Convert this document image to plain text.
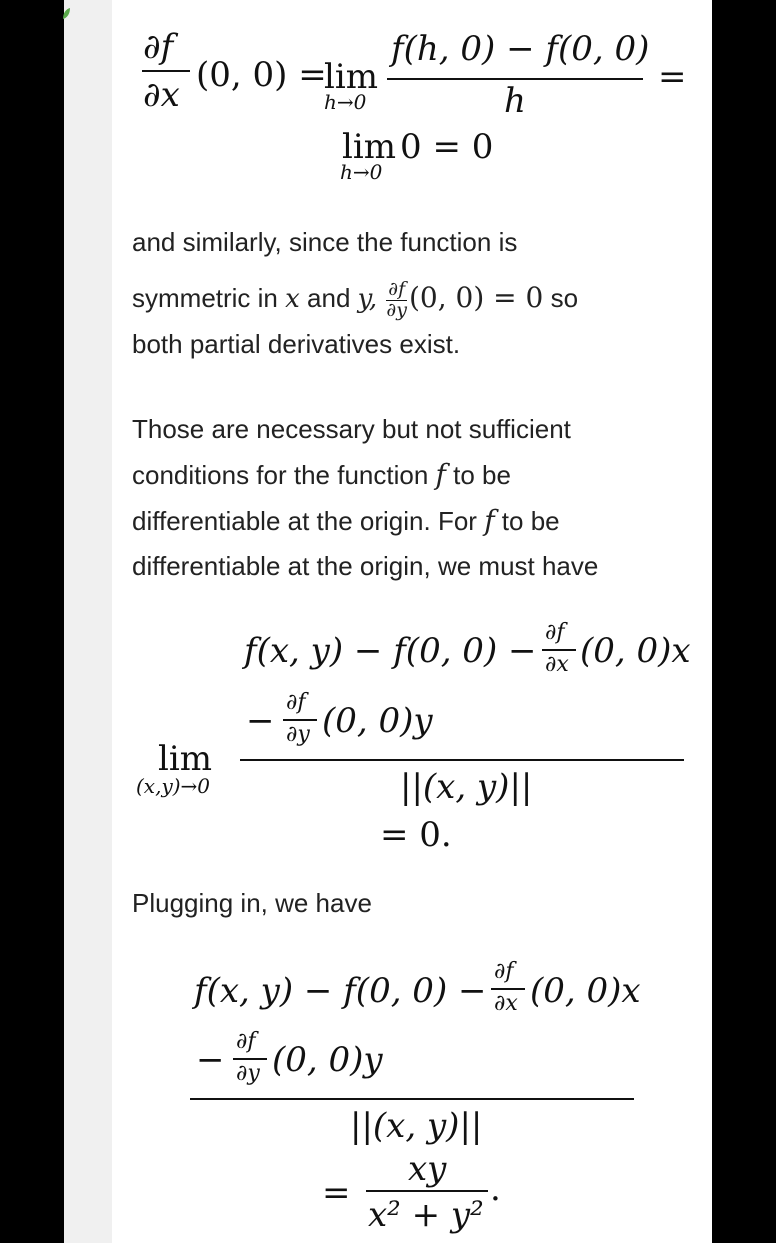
∂f
∂x (0, 0) =
lim
h→0
f(h, 0) − f(0, 0)
h
=
lim 0 = 0
h→0
and similarly, since the function is
symmetric in x and y, $\frac{\partial f}{\partial y} (0$, 0) = 0 so
both partial derivatives exist.
Those are necessary but not sufficient
conditions for the function f to be
differentiable at the origin. For f to be
differentiable at the origin, we must have
f(x, y) − f(0, 0) − ∂f
∂x (0, 0)x
− ∂f
∂y (0, 0)y
lim
(x,y)→0	||(x, y)||
= 0.
Plugging in, we have
f(x, y) − f(0, 0) − ∂f
∂x (0, 0)x
− ∂f
∂y (0, 0)y
||(x, y)||
=
xy
x² + y²
.
